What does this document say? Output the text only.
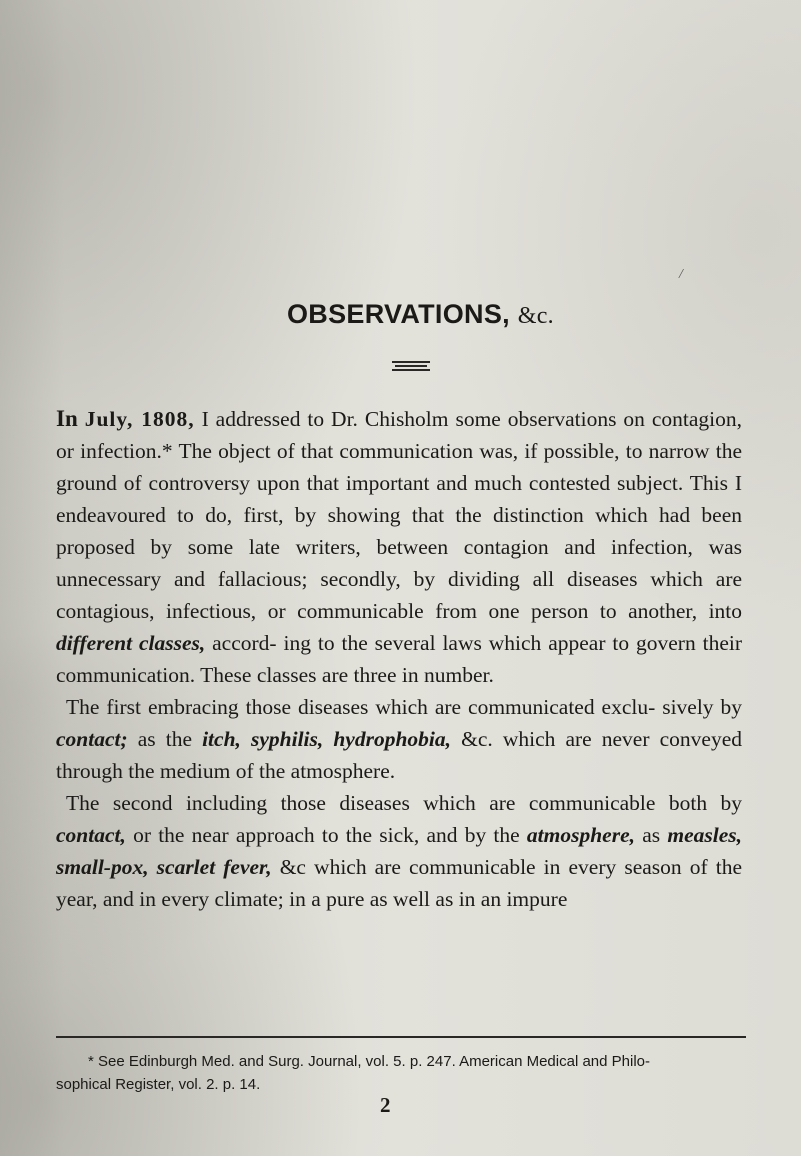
/
OBSERVATIONS, &c.

In July, 1808, I addressed to Dr. Chisholm some observations on contagion, or infection.* The object of that communication was, if possible, to narrow the ground of controversy upon that important and much contested subject. This I endeavoured to do, first, by showing that the distinction which had been proposed by some late writers, between contagion and infection, was unnecessary and fallacious; secondly, by dividing all diseases which are contagious, infectious, or communicable from one person to another, into different classes, accord- ing to the several laws which appear to govern their communication. These classes are three in number.

The first embracing those diseases which are communicated exclu- sively by contact; as the itch, syphilis, hydrophobia, &c. which are never conveyed through the medium of the atmosphere.

The second including those diseases which are communicable both by contact, or the near approach to the sick, and by the atmosphere, as measles, small-pox, scarlet fever, &c which are communicable in every season of the year, and in every climate; in a pure as well as in an impure

* See Edinburgh Med. and Surg. Journal, vol. 5. p. 247. American Medical and Philo-
sophical Register, vol. 2. p. 14.
2
